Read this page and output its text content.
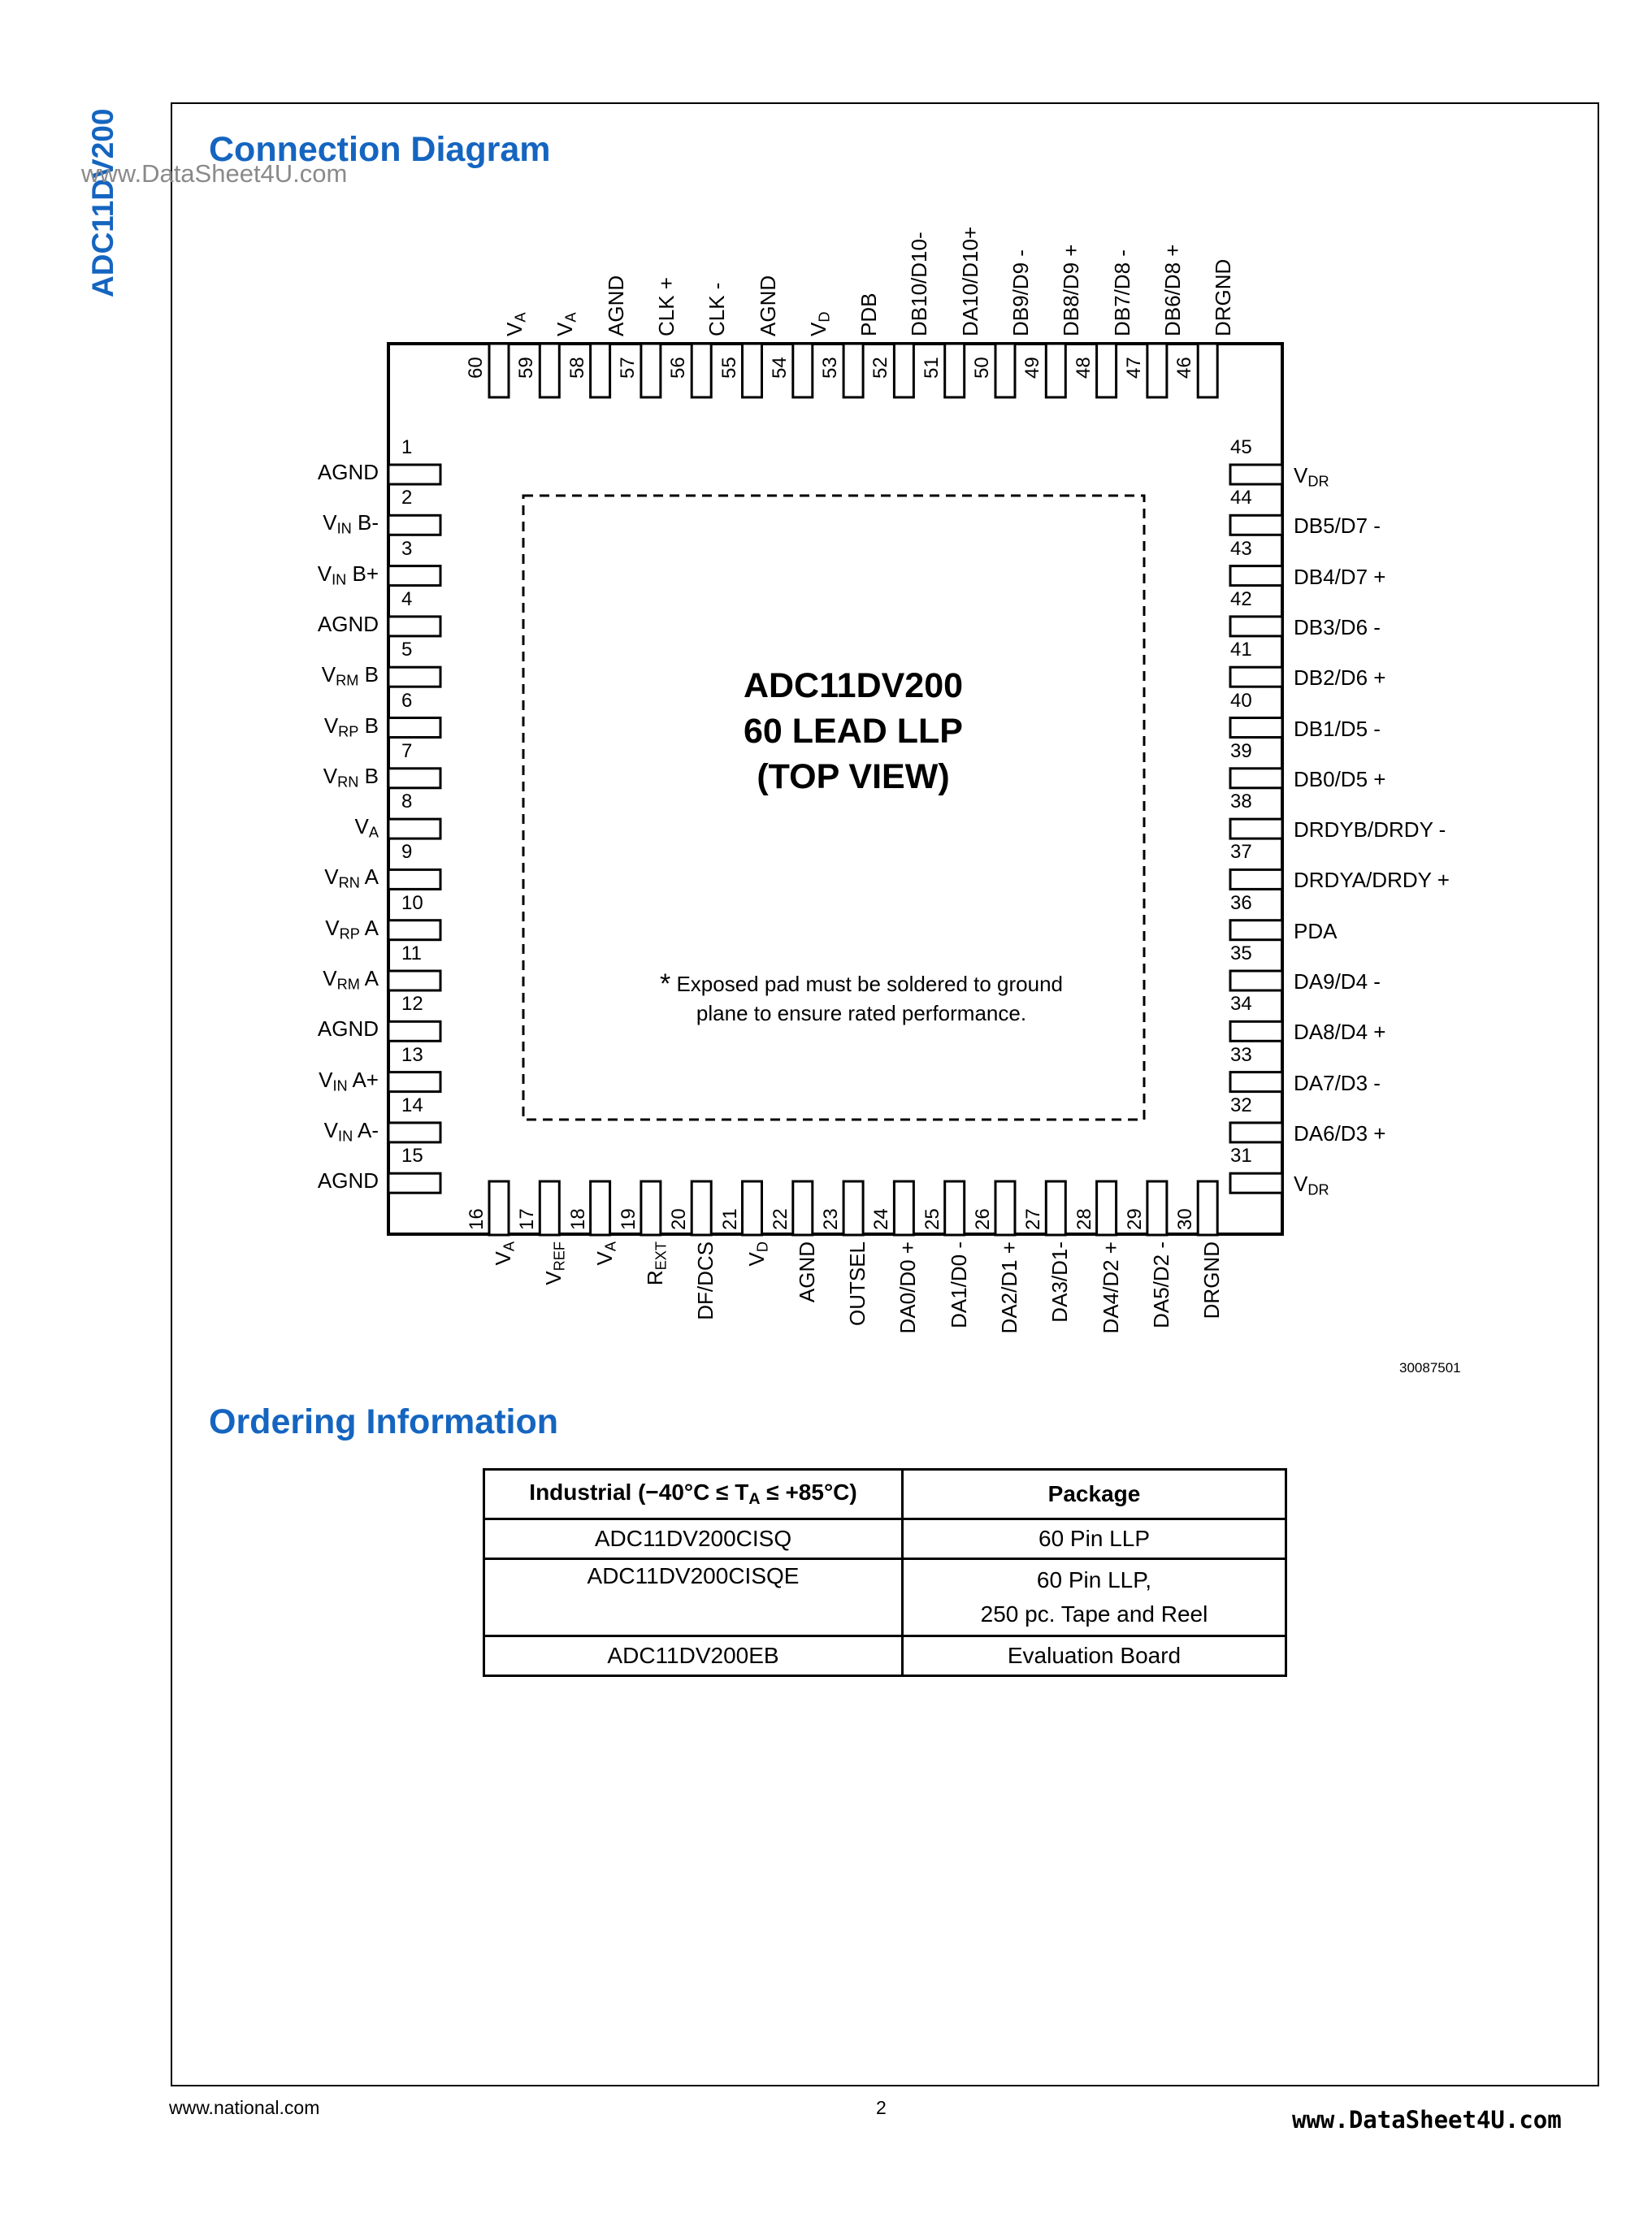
ADC11DV200
www.DataSheet4U.com
Connection Diagram
1
AGND
2
$V_{IN}$ B-
3
$V_{IN}$ B+
4
AGND
5
$V_{RM}$ B
6
$V_{RP}$ B
7
$V_{RN}$ B
8
$V_A$
9
$V_{RN}$ A
10
$V_{RP}$ A
11
$V_{RM}$ A
12
AGND
13
$V_{IN}$ A+
14
$V_{IN}$ A-
15
AGND
45
$V_{DR}$
44
DB5/D7 -
43
DB4/D7 +
42
DB3/D6 -
41
DB2/D6 +
40
DB1/D5 -
39
DB0/D5 +
38
DRDYB/DRDY -
37
DRDYA/DRDY +
36
PDA
35
DA9/D4 -
34
DA8/D4 +
33
DA7/D3 -
32
DA6/D3 +
31
$V_{DR}$
60
$V_A$
59
$V_A$
58
AGND
57
CLK +
56
CLK -
55
AGND
54
$V_D$
53
PDB
52
DB10/D10-
51
DA10/D10+
50
DB9/D9 -
49
DB8/D9 +
48
DB7/D8 -
47
DB6/D8 +
46
DRGND
16
$V_A$
17
$V_{REF}$
18
$V_A$
19
$R_{EXT}$
20
DF/DCS
21
$V_D$
22
AGND
23
OUTSEL
24
DA0/D0 +
25
DA1/D0 -
26
DA2/D1 +
27
DA3/D1-
28
DA4/D2 +
29
DA5/D2 -
30
DRGND
ADC11DV200
60 LEAD LLP
(TOP VIEW)
* Exposed pad must be soldered to ground
plane to ensure rated performance.
30087501
Ordering Information
Industrial $(-40^\circ C \le T_A \le +85^\circ C)$	Package
ADC11DV200CISQ	60 Pin LLP
ADC11DV200CISQE	60 Pin LLP,
250 pc. Tape and Reel

ADC11DV200EB	Evaluation Board
www.national.com	2	www.DataSheet4U.com
